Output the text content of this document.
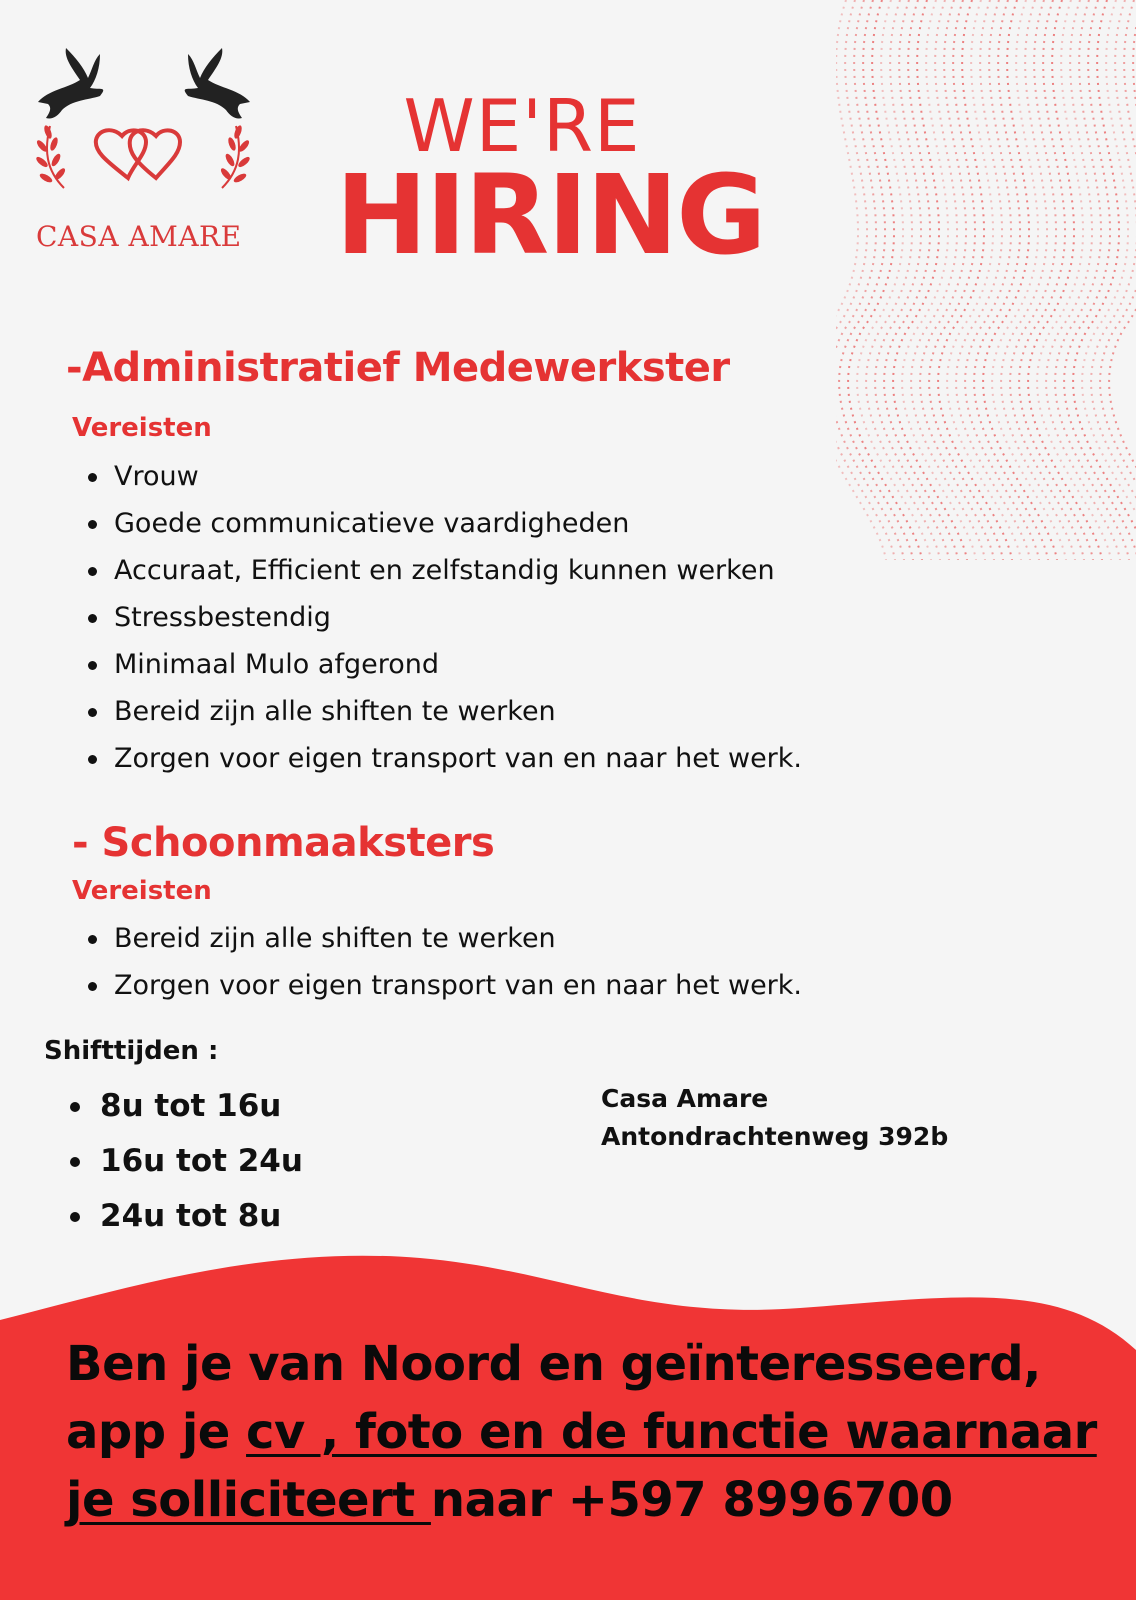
CASA AMARE
WE'RE
HIRING
-Administratief Medewerkster
Vereisten
Vrouw
Goede communicatieve vaardigheden
Accuraat, Efficient en zelfstandig kunnen werken
Stressbestendig
Minimaal Mulo afgerond
Bereid zijn alle shiften te werken
Zorgen voor eigen transport van en naar het werk.
- Schoonmaaksters
Vereisten
Bereid zijn alle shiften te werken
Zorgen voor eigen transport van en naar het werk.
Shifttijden :
8u tot 16u
16u tot 24u
24u tot 8u
Casa Amare
Antondrachtenweg 392b
Ben je van Noord en geïnteresseerd, app je cv , foto en de functie waarnaar je solliciteert naar +597 8996700
